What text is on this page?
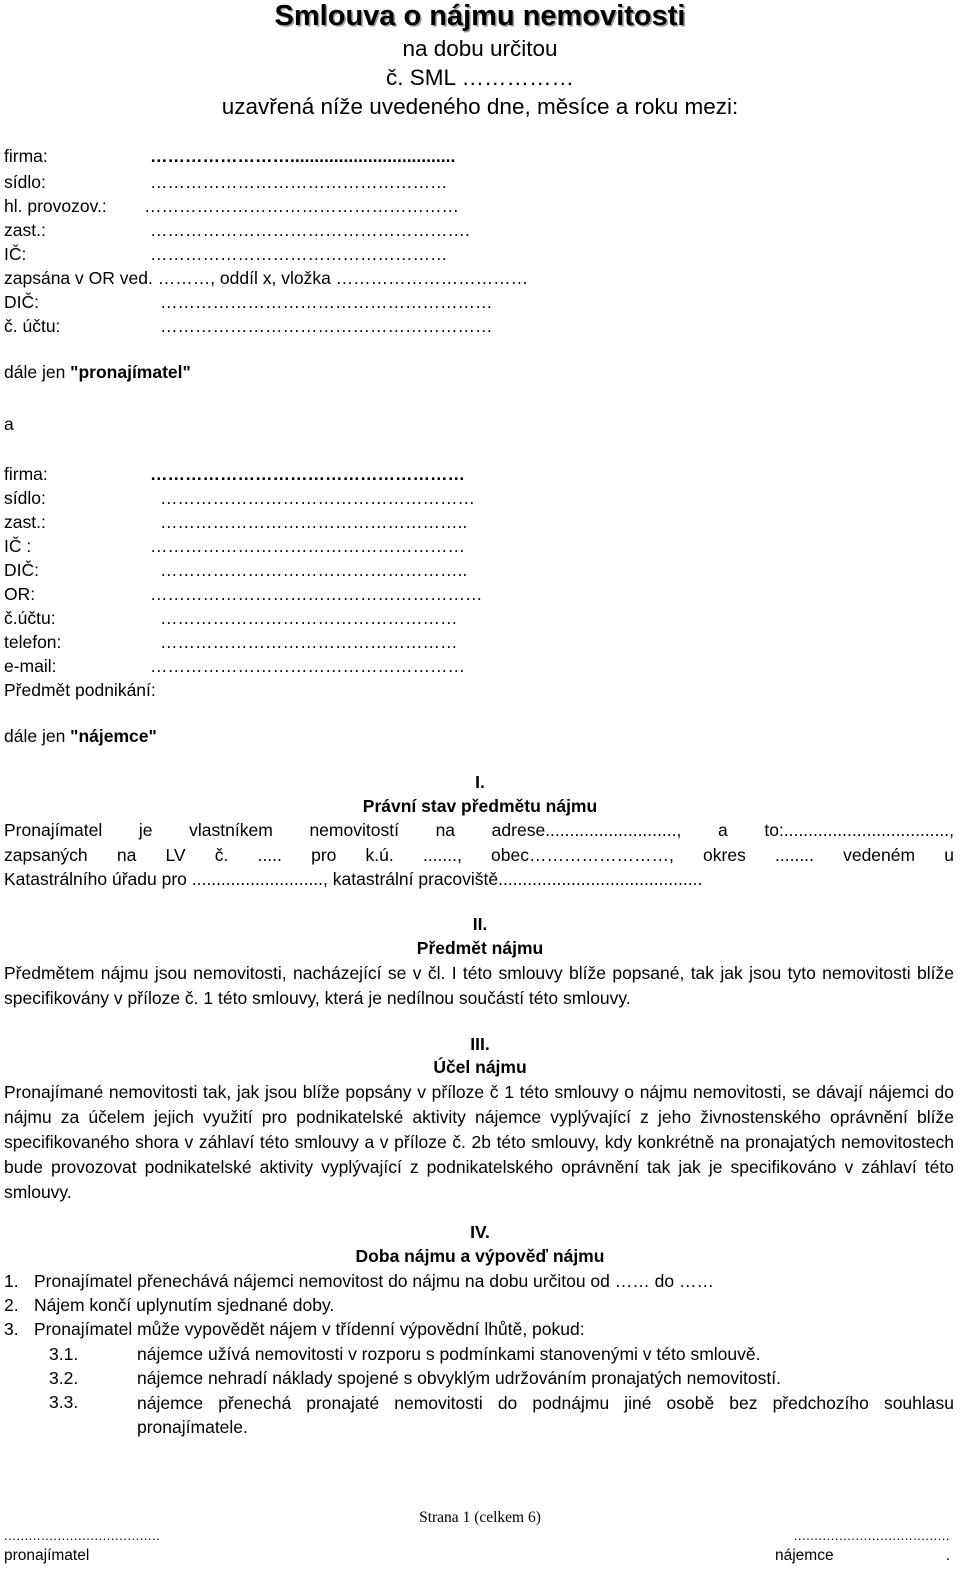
Smlouva o nájmu nemovitosti
na dobu určitou
č. SML ……………
uzavřená níže uvedeného dne, měsíce a roku mezi:
firma:	……………………..................................
sídlo:	……………………………………………
hl. provozov.: ………………………………………………
zast.:	……………………………………………….
IČ:	……………………………………………
zapsána v OR ved. ………, oddíl x, vložka ……………………………
DIČ:	…………………………………………………
č. účtu:	…………………………………………………
dále jen "pronajímatel"
a
firma:	………………………………………………
sídlo:	………………………………………………
zast.:	……………………………………………..
IČ :	………………………………………………
DIČ:	……………………………………………..
OR:	…………………………………………………
č.účtu:	……………………………………………
telefon:	……………………………………………
e-mail:	………………………………………………
Předmět podnikání:
dále jen "nájemce"
I.
Právní stav předmětu nájmu
Pronajímatel je vlastníkem nemovitostí na adrese..........................., a to:..................................,
zapsaných na LV č. ..... pro k.ú. ......., obec……………………, okres ........ vedeném u
Katastrálního úřadu pro ..........................., katastrální pracoviště..........................................
II.
Předmět nájmu
Předmětem nájmu jsou nemovitosti, nacházející se v čl. I této smlouvy blíže popsané, tak jak jsou tyto nemovitosti blíže specifikovány v příloze č. 1 této smlouvy, která je nedílnou součástí této smlouvy.
III.
Účel nájmu
Pronajímané nemovitosti tak, jak jsou blíže popsány v příloze č 1 této smlouvy o nájmu nemovitosti, se dávají nájemci do nájmu za účelem jejich využití pro podnikatelské aktivity nájemce vyplývající z jeho živnostenského oprávnění blíže specifikovaného shora v záhlaví této smlouvy a v příloze č. 2b této smlouvy, kdy konkrétně na pronajatých nemovitostech bude provozovat podnikatelské aktivity vyplývající z podnikatelského oprávnění tak jak je specifikováno v záhlaví této smlouvy.
IV.
Doba nájmu a výpověď nájmu
1. Pronajímatel přenechává nájemci nemovitost do nájmu na dobu určitou od …… do ……
2. Nájem končí uplynutím sjednané doby.
3. Pronajímatel může vypovědět nájem v třídenní výpovědní lhůtě, pokud:
3.1.	nájemce užívá nemovitosti v rozporu s podmínkami stanovenými v této smlouvě.
3.2.	nájemce nehradí náklady spojené s obvyklým udržováním pronajatých nemovitostí.
3.3.	nájemce přenechá pronajaté nemovitosti do podnájmu jiné osobě bez předchozího souhlasu pronajímatele.
Strana 1 (celkem 6)
......................................
pronajímatel
......................................
nájemce	.
